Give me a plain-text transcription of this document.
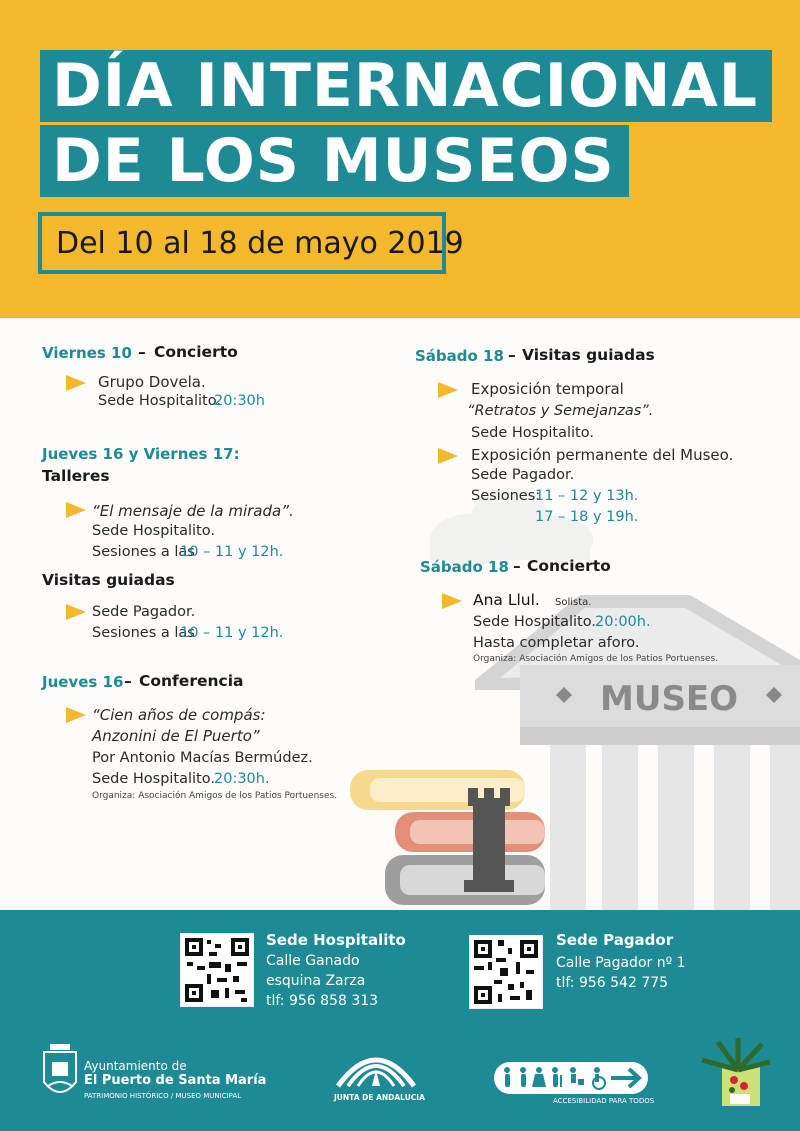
DÍA INTERNACIONAL
DE LOS MUSEOS
Del 10 al 18 de mayo 2019
MUSEO
Viernes 10 – Concierto
Grupo Dovela.
Sede Hospitalito.
20:30h
Jueves 16 y Viernes 17:
Talleres
“El mensaje de la mirada”.
Sede Hospitalito.
Sesiones a las
10 – 11 y 12h.
Visitas guiadas
Sede Pagador.
Sesiones a las
10 – 11 y 12h.
Jueves 16 – Conferencia
“Cien años de compás:
Anzonini de El Puerto”
Por Antonio Macías Bermúdez.
Sede Hospitalito. 20:30h.
Organiza: Asociación Amigos de los Patios Portuenses.
Sábado 18 – Visitas guiadas
Exposición temporal
“Retratos y Semejanzas”.
Sede Hospitalito.
Exposición permanente del Museo.
Sede Pagador.
Sesiones:
11 – 12 y 13h.
17 – 18 y 19h.
Sábado 18 – Concierto
Ana Llul. Solista.
Sede Hospitalito. 20:00h.
Hasta completar aforo.
Organiza: Asociación Amigos de los Patios Portuenses.
Sede Hospitalito
Calle Ganado
esquina Zarza
tlf: 956 858 313
Sede Pagador
Calle Pagador nº 1
tlf: 956 542 775
Ayuntamiento de
El Puerto de Santa María
PATRIMONIO HISTÓRICO / MUSEO MUNICIPAL	JUNTA DE ANDALUCIA	ACCESIBILIDAD PARA TODOS
